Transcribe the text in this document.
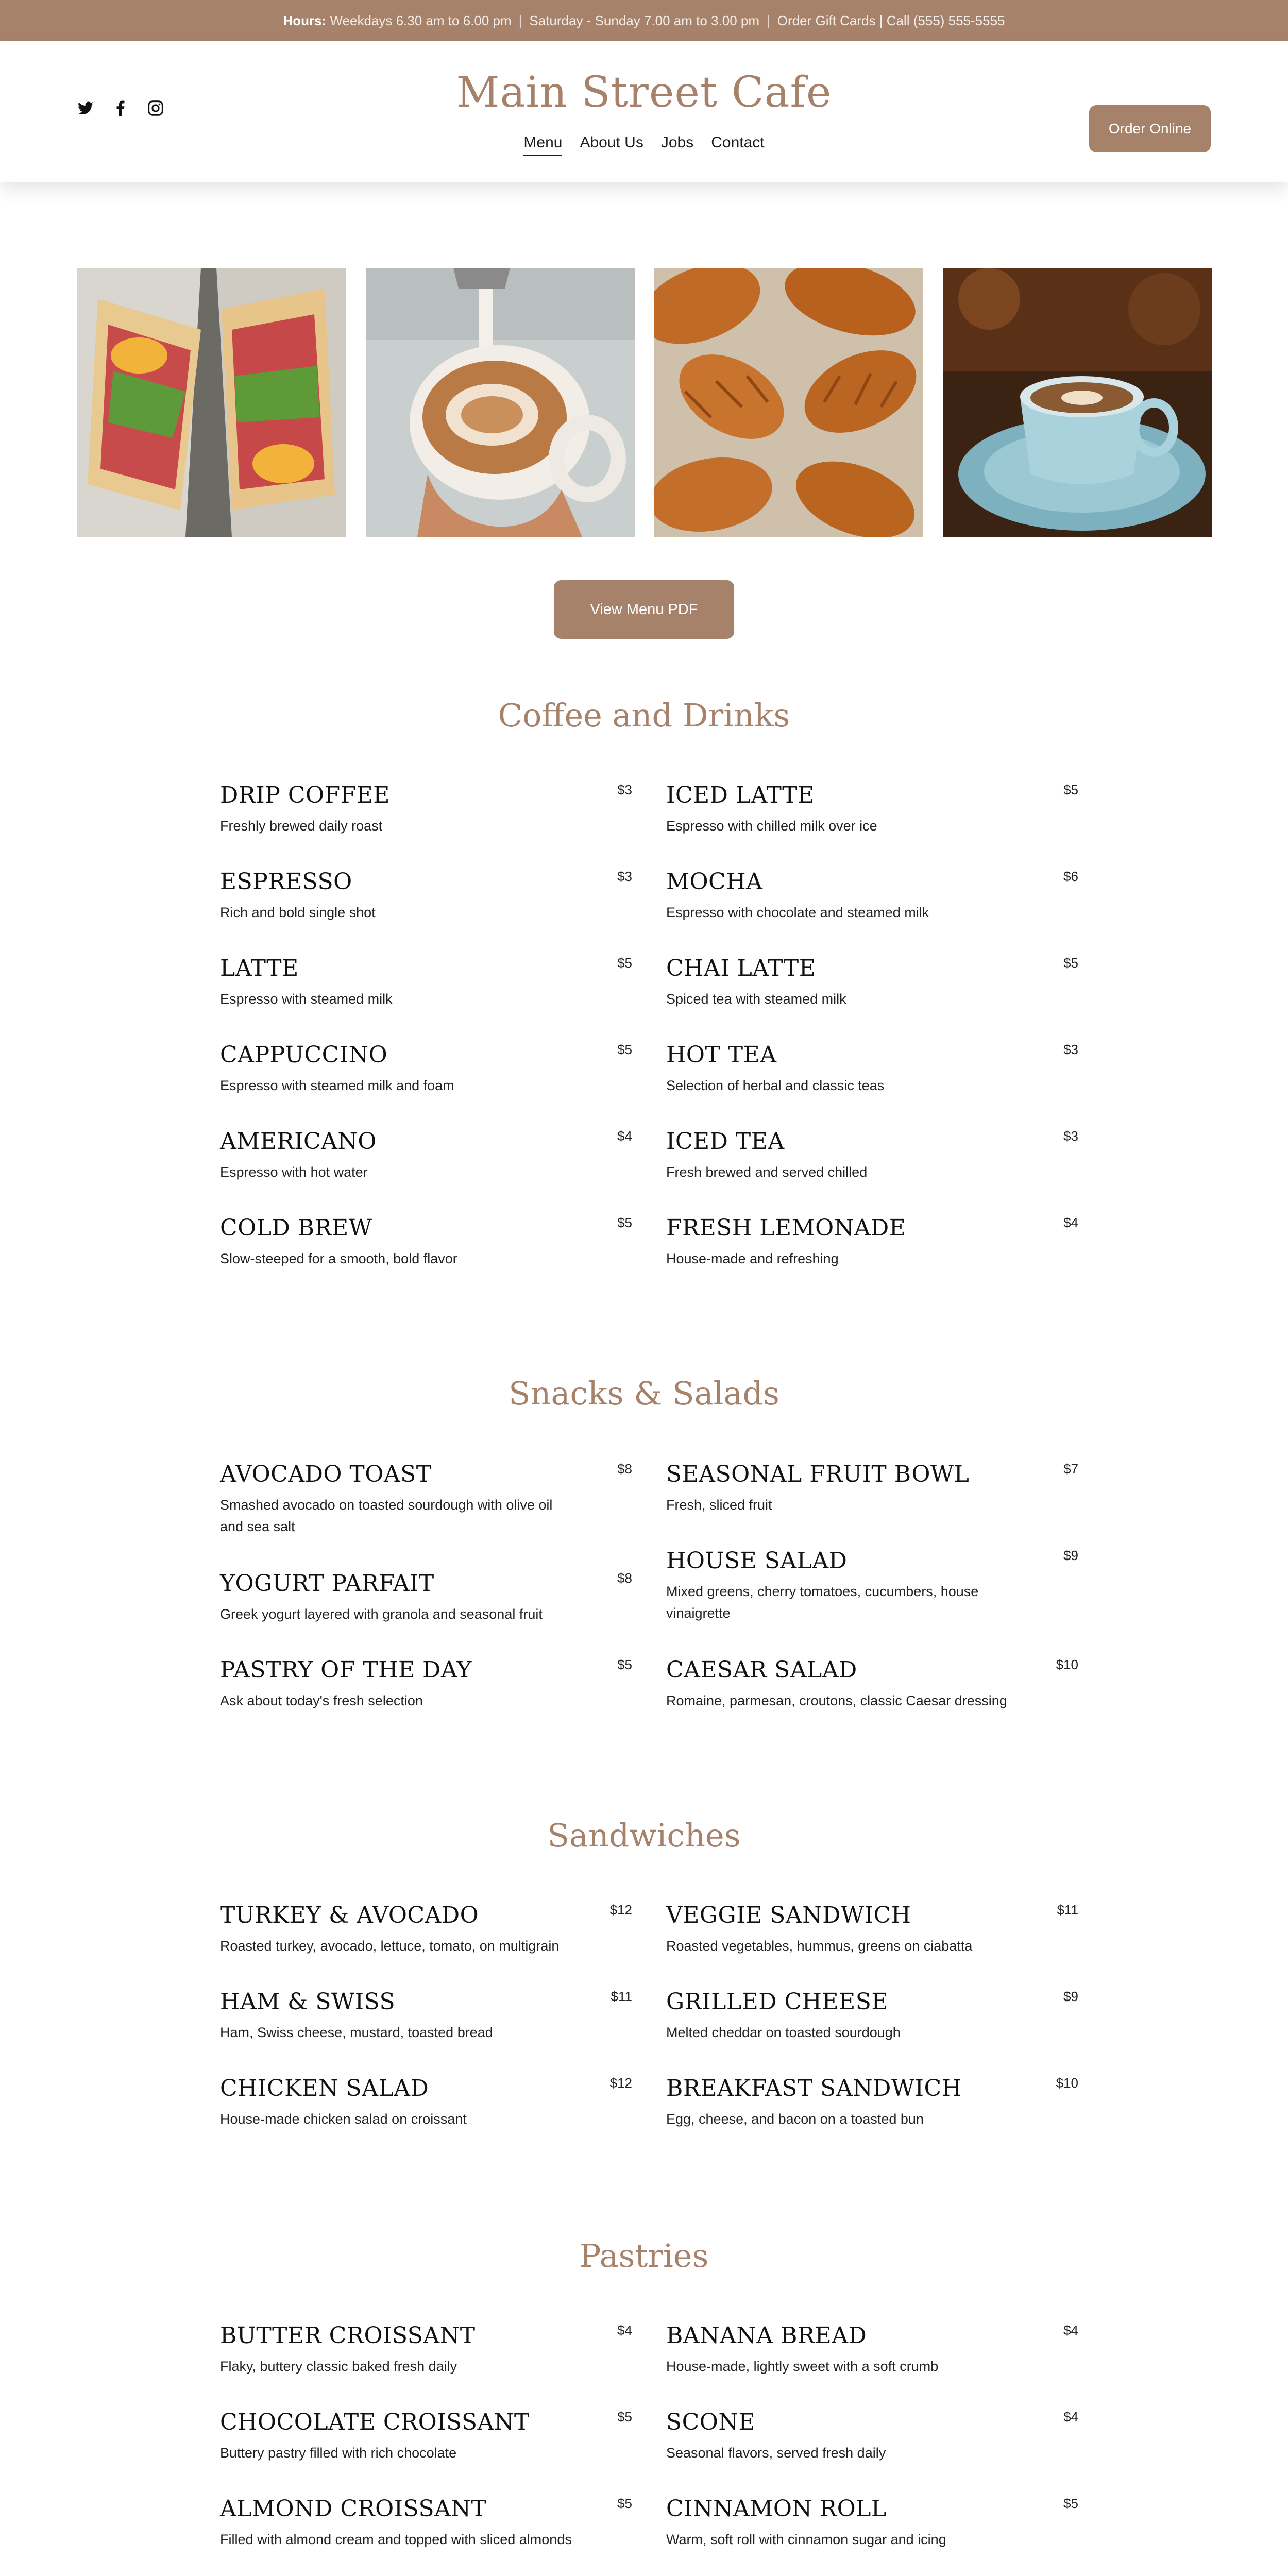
Hours: Weekdays 6.30 am to 6.00 pm | Saturday - Sunday 7.00 am to 3.00 pm | Order Gift Cards | Call (555) 555-5555
Main Street Cafe
Menu About Us Jobs Contact
Order Online
View Menu PDF
Coffee and Drinks
DRIP COFFEE	$3
Freshly brewed daily roast
ESPRESSO	$3
Rich and bold single shot
LATTE	$5
Espresso with steamed milk
CAPPUCCINO	$5
Espresso with steamed milk and foam
AMERICANO	$4
Espresso with hot water
COLD BREW	$5
Slow-steeped for a smooth, bold flavor
ICED LATTE	$5
Espresso with chilled milk over ice
MOCHA	$6
Espresso with chocolate and steamed milk
CHAI LATTE	$5
Spiced tea with steamed milk
HOT TEA	$3
Selection of herbal and classic teas
ICED TEA	$3
Fresh brewed and served chilled
FRESH LEMONADE	$4
House-made and refreshing
Snacks & Salads
AVOCADO TOAST	$8
Smashed avocado on toasted sourdough with olive oil and sea salt
YOGURT PARFAIT	$8
Greek yogurt layered with granola and seasonal fruit
PASTRY OF THE DAY	$5
Ask about today's fresh selection
SEASONAL FRUIT BOWL	$7
Fresh, sliced fruit
HOUSE SALAD	$9
Mixed greens, cherry tomatoes, cucumbers, house vinaigrette
CAESAR SALAD	$10
Romaine, parmesan, croutons, classic Caesar dressing
Sandwiches
TURKEY & AVOCADO	$12
Roasted turkey, avocado, lettuce, tomato, on multigrain
HAM & SWISS	$11
Ham, Swiss cheese, mustard, toasted bread
CHICKEN SALAD	$12
House-made chicken salad on croissant
VEGGIE SANDWICH	$11
Roasted vegetables, hummus, greens on ciabatta
GRILLED CHEESE	$9
Melted cheddar on toasted sourdough
BREAKFAST SANDWICH	$10
Egg, cheese, and bacon on a toasted bun
Pastries
BUTTER CROISSANT	$4
Flaky, buttery classic baked fresh daily
CHOCOLATE CROISSANT	$5
Buttery pastry filled with rich chocolate
ALMOND CROISSANT	$5
Filled with almond cream and topped with sliced almonds
BANANA BREAD	$4
House-made, lightly sweet with a soft crumb
SCONE	$4
Seasonal flavors, served fresh daily
CINNAMON ROLL	$5
Warm, soft roll with cinnamon sugar and icing
